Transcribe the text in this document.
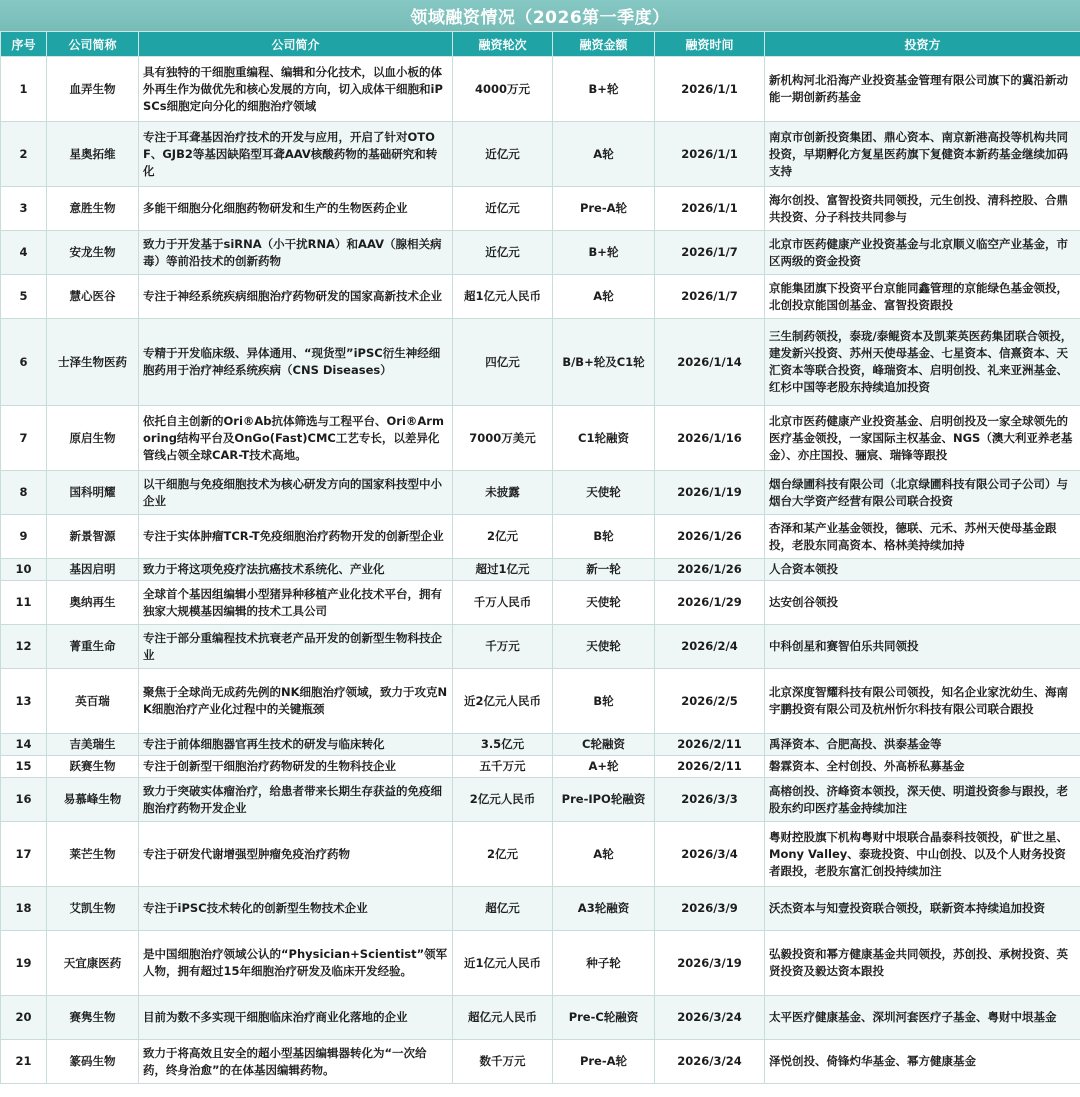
领域融资情况（2026第一季度）
序号	公司简称	公司简介	融资轮次	融资金额	融资时间	投资方
1	血弄生物	具有独特的干细胞重编程、编辑和分化技术，以血小板的体外再生作为做优先和核心发展的方向，切入成体干细胞和iPSCs细胞定向分化的细胞治疗领域	4000万元	B+轮	2026/1/1	新机构河北沿海产业投资基金管理有限公司旗下的冀沿新动能一期创新药基金
2	星奥拓维	专注于耳聋基因治疗技术的开发与应用，开启了针对OTOF、GJB2等基因缺陷型耳聋AAV核酸药物的基础研究和转化	近亿元	A轮	2026/1/1	南京市创新投资集团、鼎心资本、南京新港高投等机构共同投资，早期孵化方复星医药旗下复健资本新药基金继续加码支持
3	意胜生物	多能干细胞分化细胞药物研发和生产的生物医药企业	近亿元	Pre-A轮	2026/1/1	海尔创投、富智投资共同领投，元生创投、清科控股、合鼎共投资、分子科技共同参与
4	安龙生物	致力于开发基于siRNA（小干扰RNA）和AAV（腺相关病毒）等前沿技术的创新药物	近亿元	B+轮	2026/1/7	北京市医药健康产业投资基金与北京顺义临空产业基金，市区两级的资金投资
5	慧心医谷	专注于神经系统疾病细胞治疗药物研发的国家高新技术企业	超1亿元人民币	A轮	2026/1/7	京能集团旗下投资平台京能同鑫管理的京能绿色基金领投，北创投京能国创基金、富智投资跟投
6	士泽生物医药	专精于开发临床级、异体通用、“现货型”iPSC衍生神经细胞药用于治疗神经系统疾病（CNS Diseases）	四亿元	B/B+轮及C1轮	2026/1/14	三生制药领投，泰珑/泰鲲资本及凯莱英医药集团联合领投，建发新兴投资、苏州天使母基金、七星资本、信熹资本、天汇资本等联合投资，峰瑞资本、启明创投、礼来亚洲基金、红杉中国等老股东持续追加投资
7	原启生物	依托自主创新的Ori®Ab抗体筛选与工程平台、Ori®Armoring结构平台及OnGo(Fast)CMC工艺专长，以差异化管线占领全球CAR-T技术高地。	7000万美元	C1轮融资	2026/1/16	北京市医药健康产业投资基金、启明创投及一家全球领先的医疗基金领投，一家国际主权基金、NGS（澳大利亚养老基金）、亦庄国投、骊宸、瑞锋等跟投
8	国科明耀	以干细胞与免疫细胞技术为核心研发方向的国家科技型中小企业	未披露	天使轮	2026/1/19	烟台绿圃科技有限公司（北京绿圃科技有限公司子公司）与烟台大学资产经营有限公司联合投资
9	新景智源	专注于实体肿瘤TCR-T免疫细胞治疗药物开发的创新型企业	2亿元	B轮	2026/1/26	杏泽和某产业基金领投，德联、元禾、苏州天使母基金跟投，老股东同高资本、格林美持续加持
10	基因启明	致力于将这项免疫疗法抗癌技术系统化、产业化	超过1亿元	新一轮	2026/1/26	人合资本领投
11	奥纳再生	全球首个基因组编辑小型猪异种移植产业化技术平台，拥有独家大规模基因编辑的技术工具公司	千万人民币	天使轮	2026/1/29	达安创谷领投
12	菁重生命	专注于部分重编程技术抗衰老产品开发的创新型生物科技企业	千万元	天使轮	2026/2/4	中科创星和赛智伯乐共同领投
13	英百瑞	聚焦于全球尚无成药先例的NK细胞治疗领域，致力于攻克NK细胞治疗产业化过程中的关键瓶颈	近2亿元人民币	B轮	2026/2/5	北京深度智耀科技有限公司领投，知名企业家沈幼生、海南宇鹏投资有限公司及杭州忻尔科技有限公司联合跟投
14	吉美瑞生	专注于前体细胞器官再生技术的研发与临床转化	3.5亿元	C轮融资	2026/2/11	禹泽资本、合肥高投、洪泰基金等
15	跃赛生物	专注于创新型干细胞治疗药物研发的生物科技企业	五千万元	A+轮	2026/2/11	磐霖资本、全村创投、外高桥私募基金
16	易慕峰生物	致力于突破实体瘤治疗，给患者带来长期生存获益的免疫细胞治疗药物开发企业	2亿元人民币	Pre-IPO轮融资	2026/3/3	高榕创投、济峰资本领投，深天使、明道投资参与跟投，老股东约印医疗基金持续加注
17	莱芒生物	专注于研发代谢增强型肿瘤免疫治疗药物	2亿元	A轮	2026/3/4	粤财控股旗下机构粤财中垠联合晶泰科技领投，矿世之星、Mony Valley、泰珑投资、中山创投、以及个人财务投资者跟投，老股东富汇创投持续加注
18	艾凯生物	专注于iPSC技术转化的创新型生物技术企业	超亿元	A3轮融资	2026/3/9	沃杰资本与知壹投资联合领投，联新资本持续追加投资
19	天宜康医药	是中国细胞治疗领域公认的“Physician+Scientist”领军人物，拥有超过15年细胞治疗研发及临床开发经验。	近1亿元人民币	种子轮	2026/3/19	弘毅投资和幂方健康基金共同领投，苏创投、承树投资、英贤投资及毅达资本跟投
20	赛隽生物	目前为数不多实现干细胞临床治疗商业化落地的企业	超亿元人民币	Pre-C轮融资	2026/3/24	太平医疗健康基金、深圳河套医疗子基金、粤财中垠基金
21	篆码生物	致力于将高效且安全的超小型基因编辑器转化为“一次给药，终身治愈”的在体基因编辑药物。	数千万元	Pre-A轮	2026/3/24	泽悦创投、倚锋灼华基金、幂方健康基金
